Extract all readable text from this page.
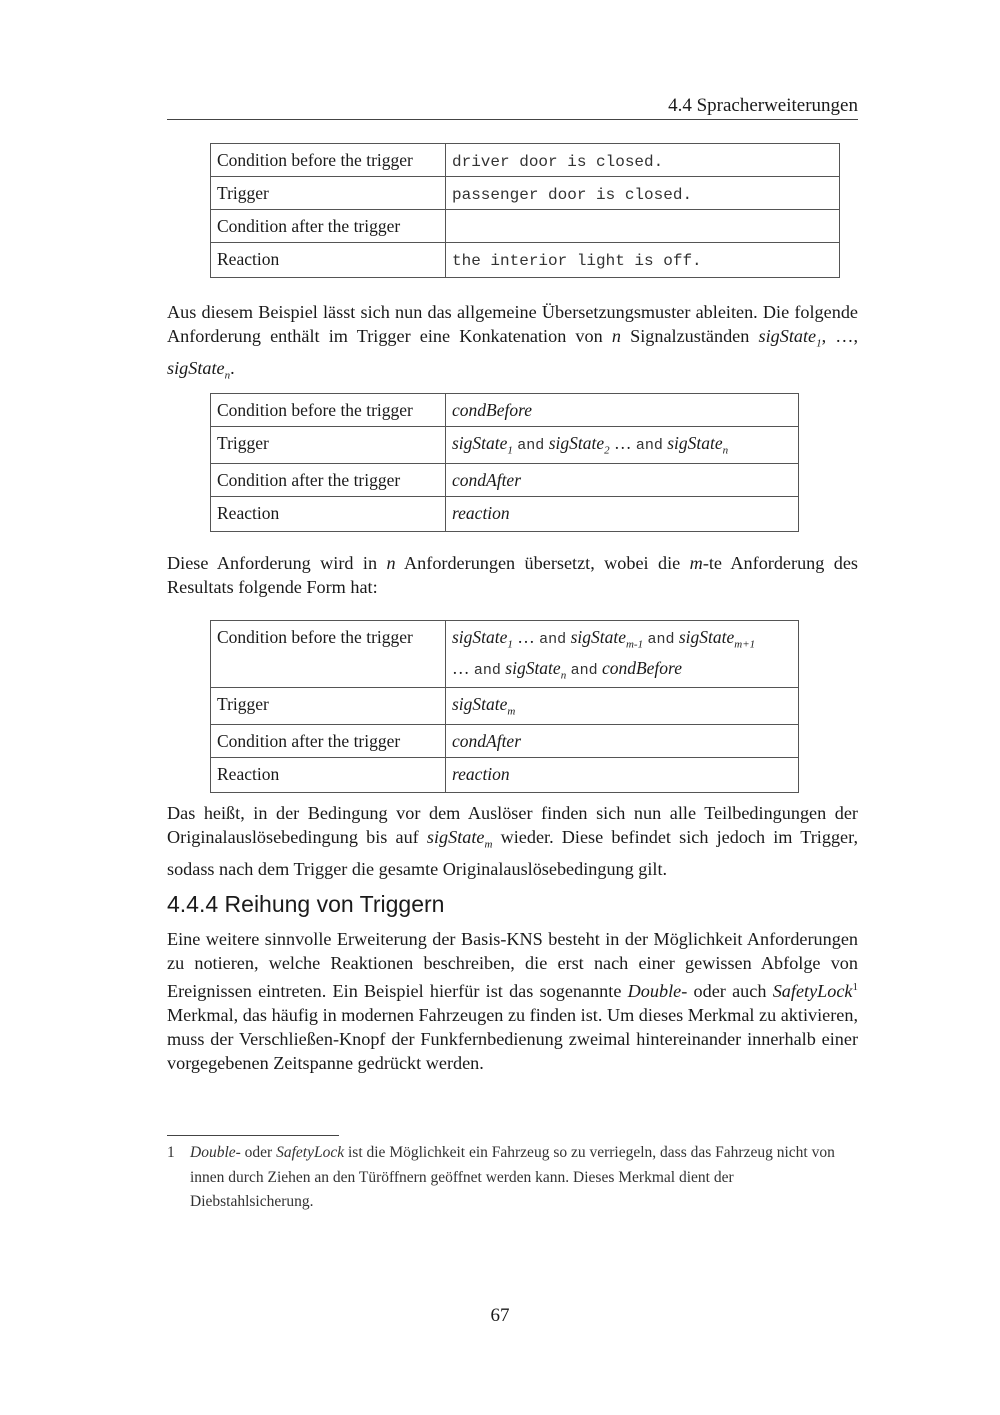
4.4 Spracherweiterungen
Condition before the trigger	driver door is closed.
Trigger	passenger door is closed.
Condition after the trigger	
Reaction	the interior light is off.

Aus diesem Beispiel lässt sich nun das allgemeine Übersetzungsmuster ableiten. Die folgende Anforderung enthält im Trigger eine Konkatenation von n Signalzuständen sigState$_1$, …, sigState$_n$.

Condition before the trigger	condBefore
Trigger	sigState$_1$ and sigState$_2$ … and sigState$_n$
Condition after the trigger	condAfter
Reaction	reaction

Diese Anforderung wird in n Anforderungen übersetzt, wobei die m-te Anforderung des Resultats folgende Form hat:

Condition before the trigger	sigState$_1$ … and sigState$_{m-1}$ and sigState$_{m+1}$
… and sigState$_n$ and condBefore
Trigger	sigState$_m$
Condition after the trigger	condAfter
Reaction	reaction

Das heißt, in der Bedingung vor dem Auslöser finden sich nun alle Teilbedingungen der Originalauslösebedingung bis auf sigState$_m$ wieder. Diese befindet sich jedoch im Trigger, sodass nach dem Trigger die gesamte Originalauslösebedingung gilt.

4.4.4 Reihung von Triggern

Eine weitere sinnvolle Erweiterung der Basis-KNS besteht in der Möglichkeit Anforderungen zu notieren, welche Reaktionen beschreiben, die erst nach einer gewissen Abfolge von Ereignissen eintreten. Ein Beispiel hierfür ist das sogenannte Double- oder auch SafetyLock$^1$ Merkmal, das häufig in modernen Fahrzeugen zu finden ist. Um dieses Merkmal zu aktivieren, muss der Verschließen-Knopf der Funkfernbedienung zweimal hintereinander innerhalb einer vorgegebenen Zeitspanne gedrückt werden.

1 Double- oder SafetyLock ist die Möglichkeit ein Fahrzeug so zu verriegeln, dass das Fahrzeug nicht von innen durch Ziehen an den Türöffnern geöffnet werden kann. Dieses Merkmal dient der Diebstahlsicherung.
67
